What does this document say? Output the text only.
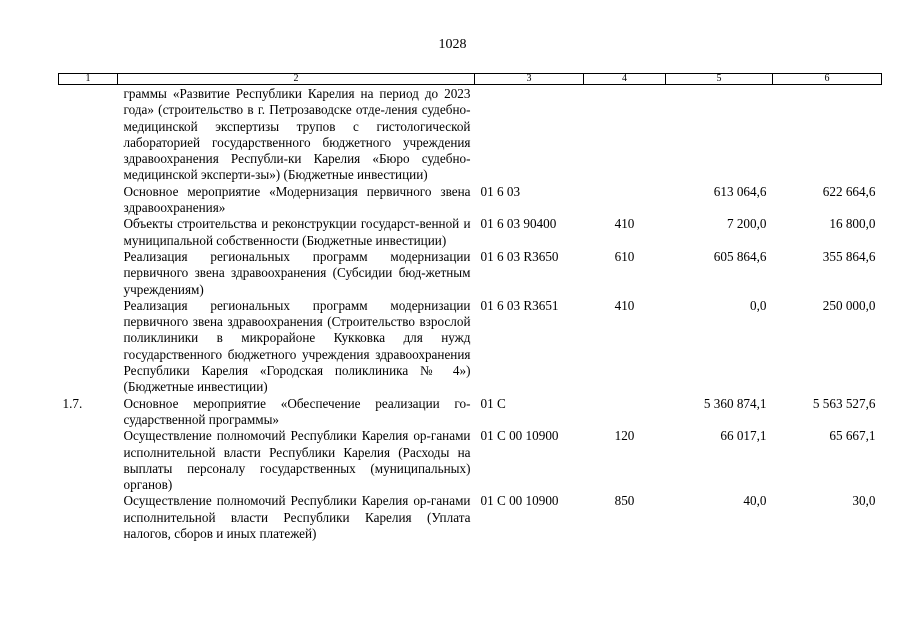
1028
1	2	3	4	5	6
	граммы «Развитие Республики Карелия на период до 2023 года» (строительство в г. Петрозаводске отде-ления судебно-медицинской экспертизы трупов с гистологической лабораторией государственного бюджетного учреждения здравоохранения Республи-ки Карелия «Бюро судебно-медицинской эксперти-зы») (Бюджетные инвестиции)				
	Основное мероприятие «Модернизация первичного звена здравоохранения»	01 6 03		613 064,6	622 664,6
	Объекты строительства и реконструкции государст-венной и муниципальной собственности (Бюджетные инвестиции)	01 6 03 90400	410	7 200,0	16 800,0
	Реализация региональных программ модернизации первичного звена здравоохранения (Субсидии бюд-жетным учреждениям)	01 6 03 R3650	610	605 864,6	355 864,6
	Реализация региональных программ модернизации первичного звена здравоохранения (Строительство взрослой поликлиники в микрорайоне Кукковка для нужд государственного бюджетного учреждения здравоохранения Республики Карелия «Городская поликлиника № 4») (Бюджетные инвестиции)	01 6 03 R3651	410	0,0	250 000,0
1.7.	Основное мероприятие «Обеспечение реализации го-сударственной программы»	01 С		5 360 874,1	5 563 527,6
	Осуществление полномочий Республики Карелия ор-ганами исполнительной власти Республики Карелия (Расходы на выплаты персоналу государственных (муниципальных) органов)	01 С 00 10900	120	66 017,1	65 667,1
	Осуществление полномочий Республики Карелия ор-ганами исполнительной власти Республики Карелия (Уплата налогов, сборов и иных платежей)	01 С 00 10900	850	40,0	30,0
